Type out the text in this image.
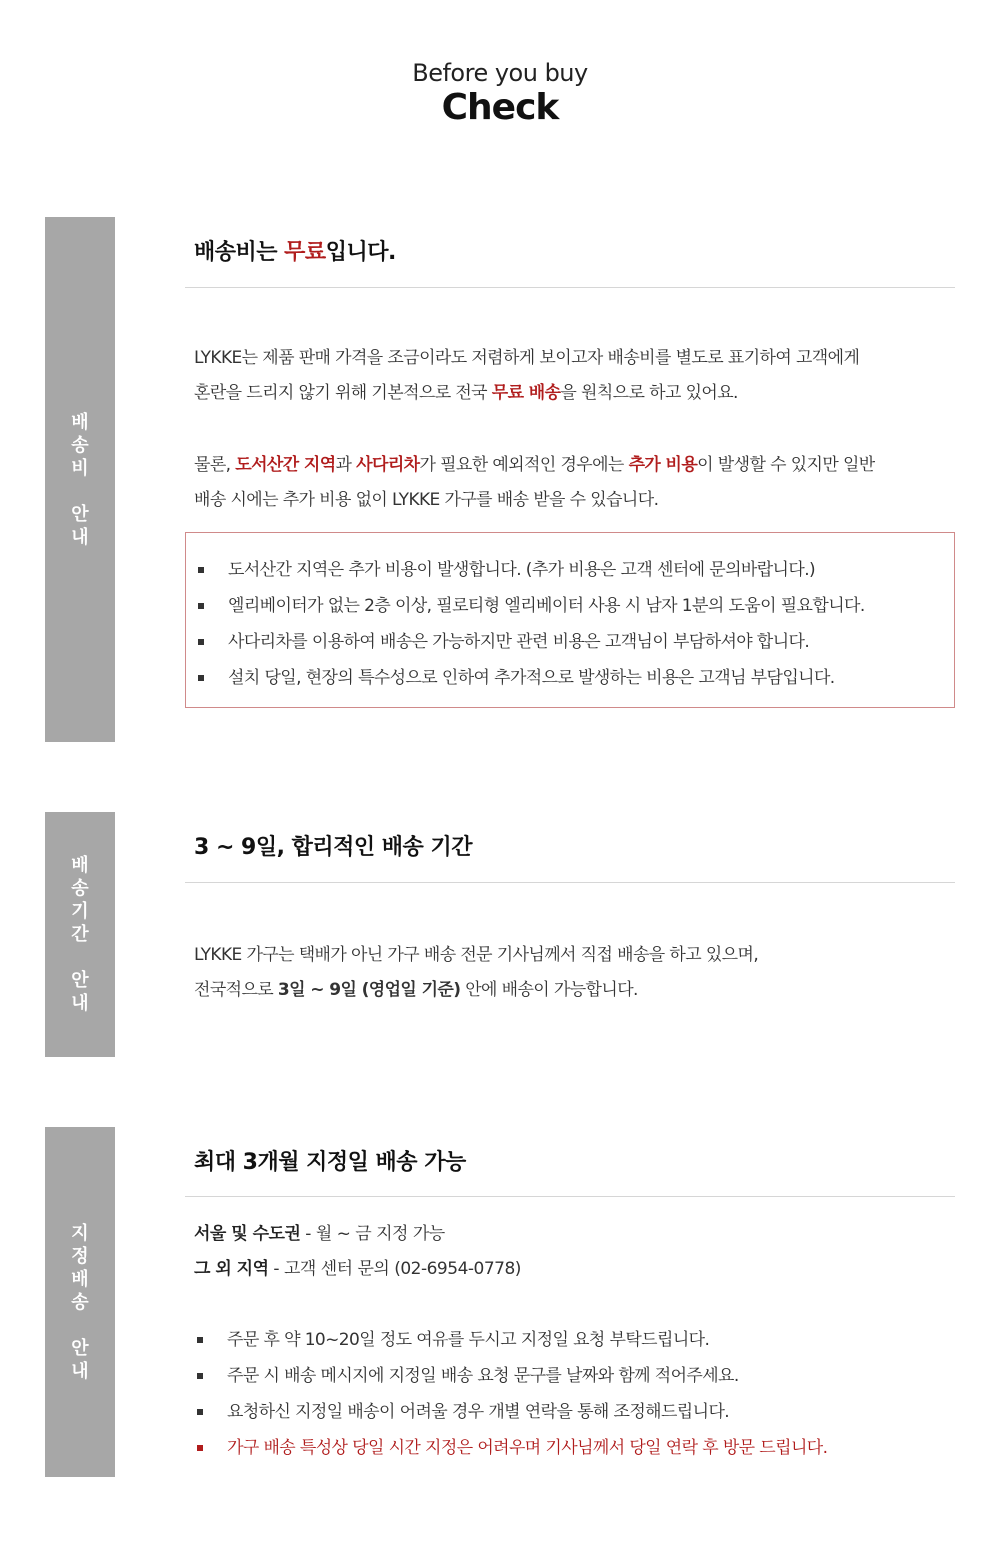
Before you buy
Check
배
송
비

안
내
배송비는 무료입니다.
LYKKE는 제품 판매 가격을 조금이라도 저렴하게 보이고자 배송비를 별도로 표기하여 고객에게
혼란을 드리지 않기 위해 기본적으로 전국 무료 배송을 원칙으로 하고 있어요.
물론, 도서산간 지역과 사다리차가 필요한 예외적인 경우에는 추가 비용이 발생할 수 있지만 일반
배송 시에는 추가 비용 없이 LYKKE 가구를 배송 받을 수 있습니다.
도서산간 지역은 추가 비용이 발생합니다. (추가 비용은 고객 센터에 문의바랍니다.)
엘리베이터가 없는 2층 이상, 필로티형 엘리베이터 사용 시 남자 1분의 도움이 필요합니다.
사다리차를 이용하여 배송은 가능하지만 관련 비용은 고객님이 부담하셔야 합니다.
설치 당일, 현장의 특수성으로 인하여 추가적으로 발생하는 비용은 고객님 부담입니다.
배
송
기
간

안
내
3 ~ 9일, 합리적인 배송 기간
LYKKE 가구는 택배가 아닌 가구 배송 전문 기사님께서 직접 배송을 하고 있으며,
전국적으로 3일 ~ 9일 (영업일 기준) 안에 배송이 가능합니다.
지
정
배
송

안
내
최대 3개월 지정일 배송 가능
서울 및 수도권 - 월 ~ 금 지정 가능
그 외 지역 - 고객 센터 문의 (02-6954-0778)
주문 후 약 10~20일 정도 여유를 두시고 지정일 요청 부탁드립니다.
주문 시 배송 메시지에 지정일 배송 요청 문구를 날짜와 함께 적어주세요.
요청하신 지정일 배송이 어려울 경우 개별 연락을 통해 조정해드립니다.
가구 배송 특성상 당일 시간 지정은 어려우며 기사님께서 당일 연락 후 방문 드립니다.
